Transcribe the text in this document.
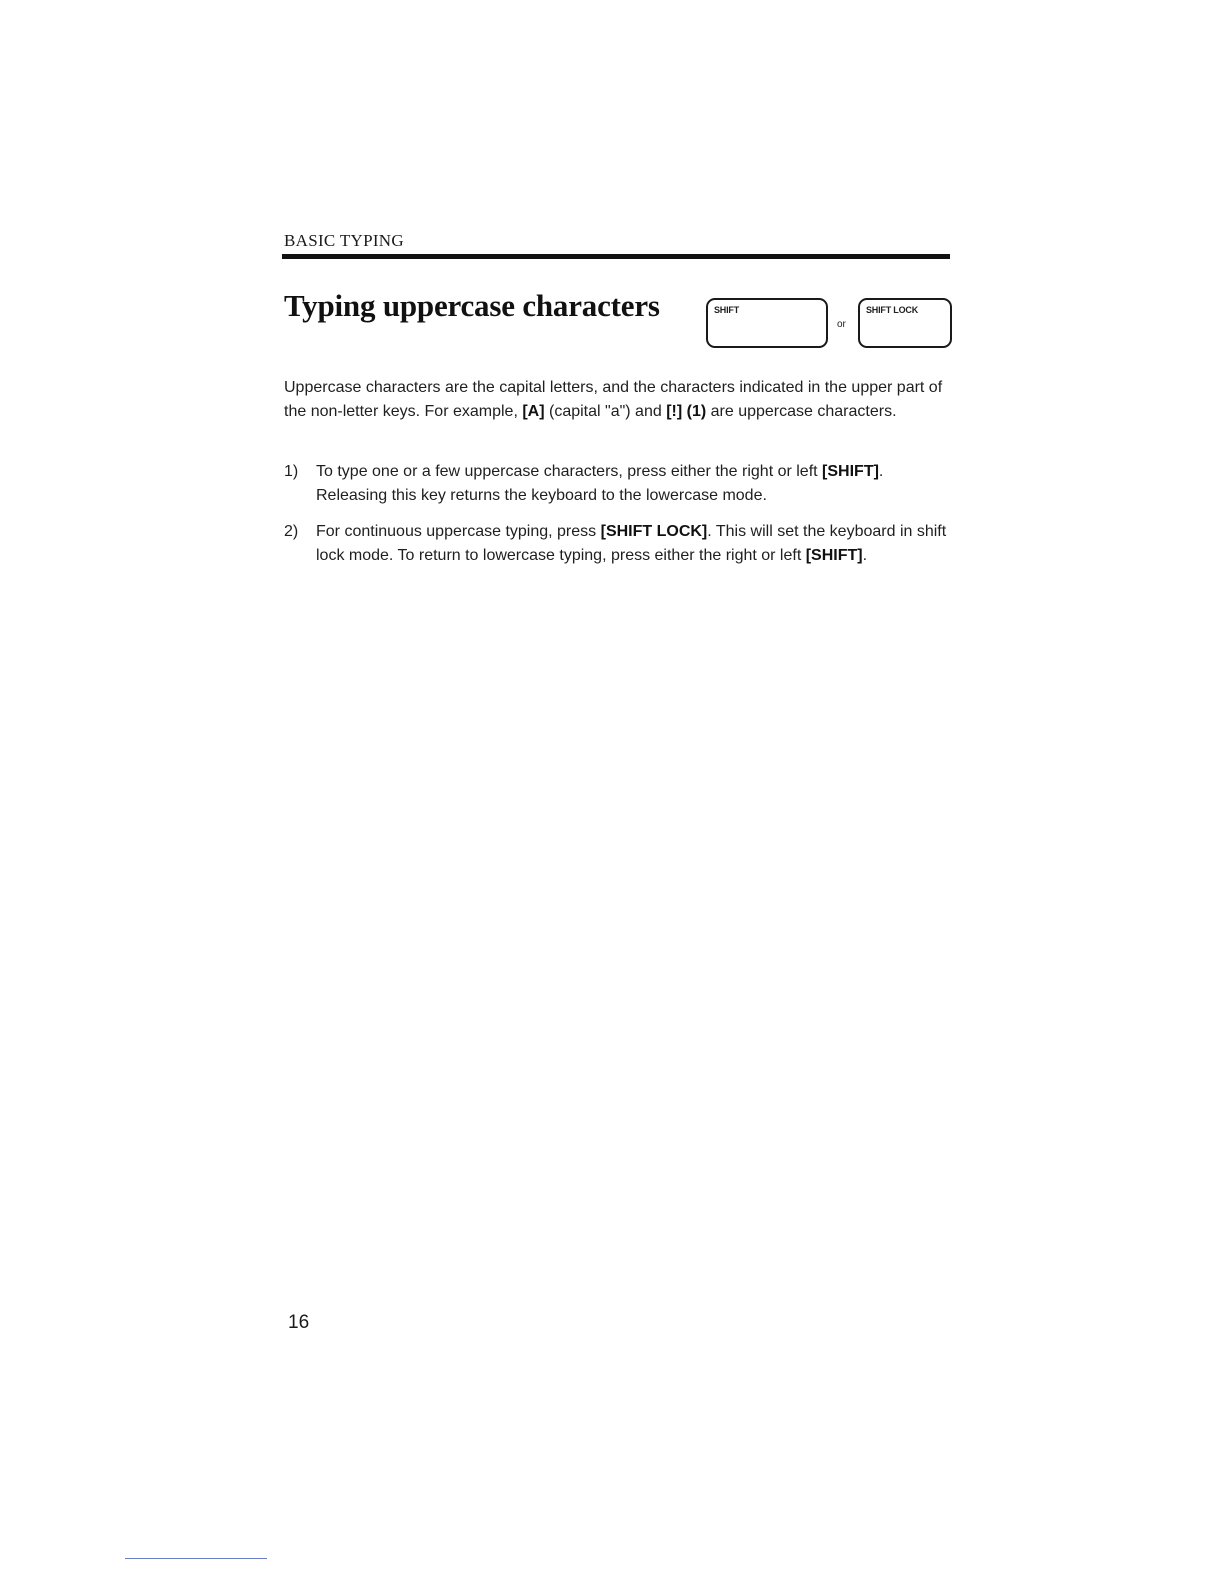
BASIC TYPING
Typing uppercase characters	SHIFT
or
SHIFT LOCK

Uppercase characters are the capital letters, and the characters indicated in the upper part of the non-letter keys. For example, [A] (capital "a") and [!] (1) are uppercase characters.

1) To type one or a few uppercase characters, press either the right or left [SHIFT]. Releasing this key returns the keyboard to the lowercase mode.
2) For continuous uppercase typing, press [SHIFT LOCK]. This will set the keyboard in shift lock mode. To return to lowercase typing, press either the right or left [SHIFT].
16
